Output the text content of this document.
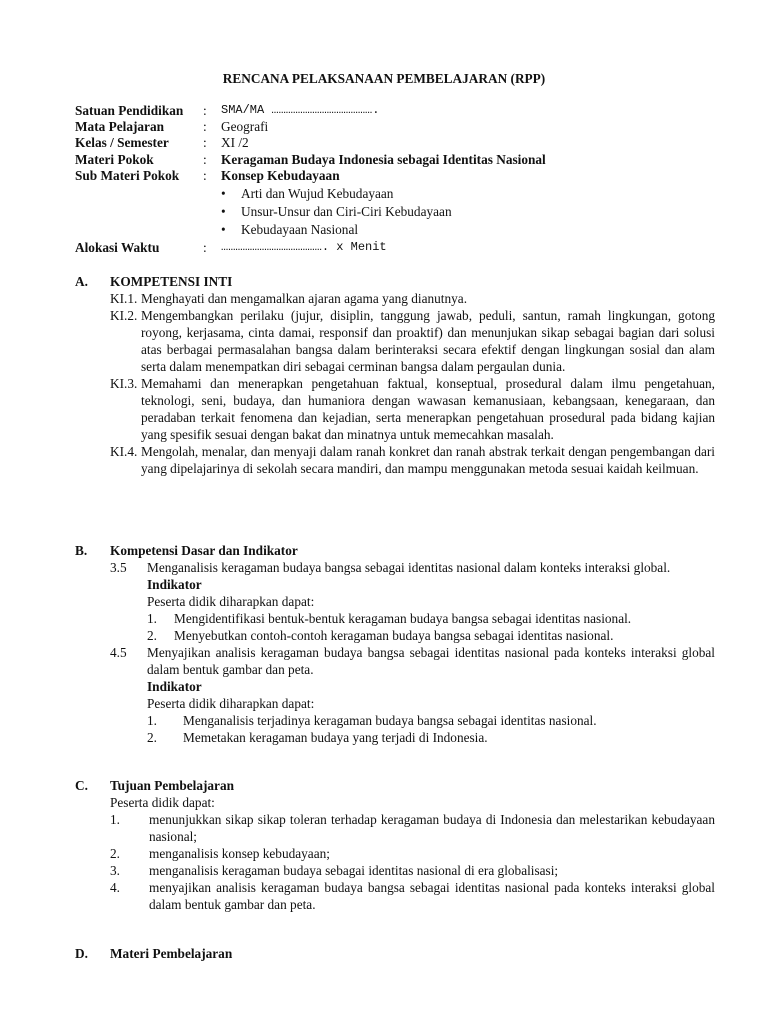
RENCANA PELAKSANAAN PEMBELAJARAN (RPP)
Satuan Pendidikan : SMA/MA …………………………………….
Mata Pelajaran	: Geografi
Kelas / Semester	: XI /2
Materi Pokok	: Keragaman Budaya Indonesia sebagai Identitas Nasional
Sub Materi Pokok : Konsep Kebudayaan
• Arti dan Wujud Kebudayaan
• Unsur-Unsur dan Ciri-Ciri Kebudayaan
• Kebudayaan Nasional
Alokasi Waktu	: ……………………………………. x Menit
A. KOMPETENSI INTI
KI.1. Menghayati dan mengamalkan ajaran agama yang dianutnya.
KI.2. Mengembangkan perilaku (jujur, disiplin, tanggung jawab, peduli, santun, ramah lingkungan, gotong royong, kerjasama, cinta damai, responsif dan proaktif) dan menunjukan sikap sebagai bagian dari solusi atas berbagai permasalahan bangsa dalam berinteraksi secara efektif dengan lingkungan sosial dan alam serta dalam menempatkan diri sebagai cerminan bangsa dalam pergaulan dunia.
KI.3. Memahami dan menerapkan pengetahuan faktual, konseptual, prosedural dalam ilmu pengetahuan, teknologi, seni, budaya, dan humaniora dengan wawasan kemanusiaan, kebangsaan, kenegaraan, dan peradaban terkait fenomena dan kejadian, serta menerapkan pengetahuan prosedural pada bidang kajian yang spesifik sesuai dengan bakat dan minatnya untuk memecahkan masalah.
KI.4. Mengolah, menalar, dan menyaji dalam ranah konkret dan ranah abstrak terkait dengan pengembangan dari yang dipelajarinya di sekolah secara mandiri, dan mampu menggunakan metoda sesuai kaidah keilmuan.
B. Kompetensi Dasar dan Indikator
3.5 Menganalisis keragaman budaya bangsa sebagai identitas nasional dalam konteks interaksi global.
Indikator
Peserta didik diharapkan dapat:
1. Mengidentifikasi bentuk-bentuk keragaman budaya bangsa sebagai identitas nasional.
2. Menyebutkan contoh-contoh keragaman budaya bangsa sebagai identitas nasional.
4.5 Menyajikan analisis keragaman budaya bangsa sebagai identitas nasional pada konteks interaksi global dalam bentuk gambar dan peta.
Indikator
Peserta didik diharapkan dapat:
1. Menganalisis terjadinya keragaman budaya bangsa sebagai identitas nasional.
2. Memetakan keragaman budaya yang terjadi di Indonesia.
C. Tujuan Pembelajaran
Peserta didik dapat:
1. menunjukkan sikap sikap toleran terhadap keragaman budaya di Indonesia dan melestarikan kebudayaan nasional;
2. menganalisis konsep kebudayaan;
3. menganalisis keragaman budaya sebagai identitas nasional di era globalisasi;
4. menyajikan analisis keragaman budaya bangsa sebagai identitas nasional pada konteks interaksi global dalam bentuk gambar dan peta.
D. Materi Pembelajaran
